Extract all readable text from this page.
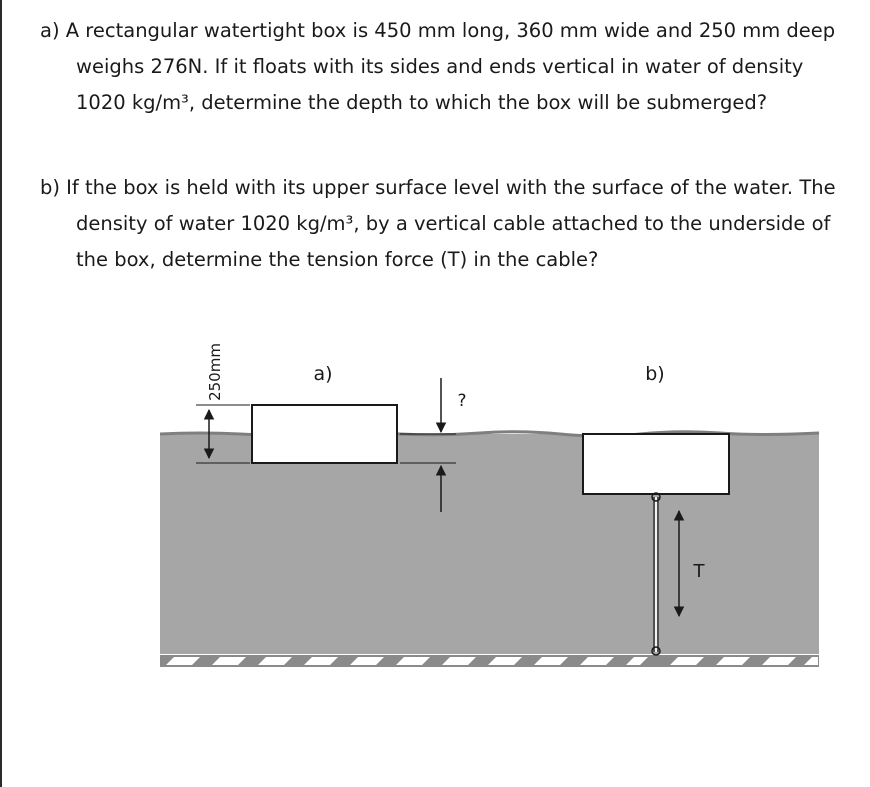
a) A rectangular watertight box is 450 mm long, 360 mm wide and 250 mm deep
weighs 276N. If it floats with its sides and ends vertical in water of density
1020 kg/m³, determine the depth to which the box will be submerged?
b) If the box is held with its upper surface level with the surface of the water. The
density of water 1020 kg/m³, by a vertical cable attached to the underside of
the box, determine the tension force (T) in the cable?
250mm	a)
?
b)
T
